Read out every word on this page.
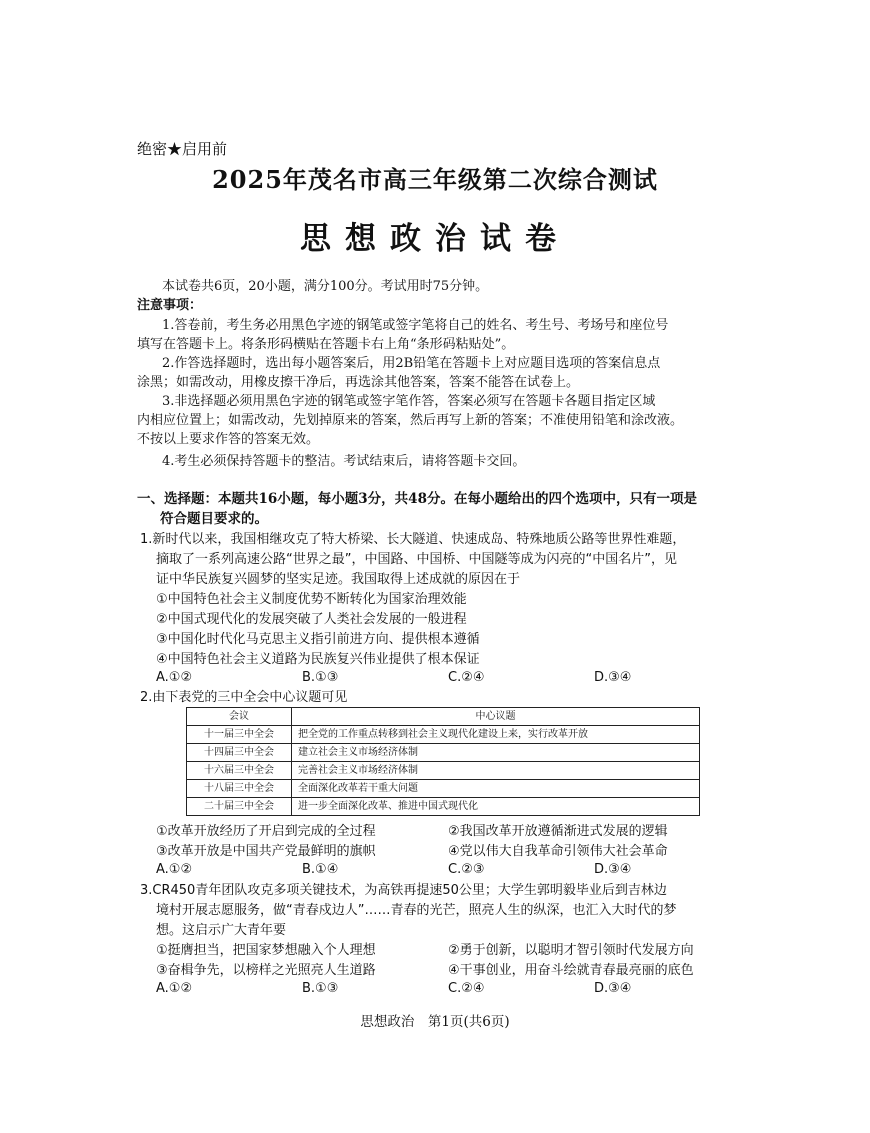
绝密★启用前
2025年茂名市高三年级第二次综合测试
思想政治试卷
本试卷共6页，20小题，满分100分。考试用时75分钟。
注意事项：
1.答卷前，考生务必用黑色字迹的钢笔或签字笔将自己的姓名、考生号、考场号和座位号
填写在答题卡上。将条形码横贴在答题卡右上角“条形码粘贴处”。
2.作答选择题时，选出每小题答案后，用2B铅笔在答题卡上对应题目选项的答案信息点
涂黑；如需改动，用橡皮擦干净后，再选涂其他答案，答案不能答在试卷上。
3.非选择题必须用黑色字迹的钢笔或签字笔作答，答案必须写在答题卡各题目指定区域
内相应位置上；如需改动，先划掉原来的答案，然后再写上新的答案；不准使用铅笔和涂改液。
不按以上要求作答的答案无效。
4.考生必须保持答题卡的整洁。考试结束后，请将答题卡交回。
一、选择题：本题共16小题，每小题3分，共48分。在每小题给出的四个选项中，只有一项是
符合题目要求的。
1.新时代以来，我国相继攻克了特大桥梁、长大隧道、快速成岛、特殊地质公路等世界性难题，
摘取了一系列高速公路“世界之最”，中国路、中国桥、中国隧等成为闪亮的“中国名片”，见
证中华民族复兴圆梦的坚实足迹。我国取得上述成就的原因在于
①中国特色社会主义制度优势不断转化为国家治理效能
②中国式现代化的发展突破了人类社会发展的一般进程
③中国化时代化马克思主义指引前进方向、提供根本遵循
④中国特色社会主义道路为民族复兴伟业提供了根本保证
A.①②	B.①③	C.②④	D.③④
2.由下表党的三中全会中心议题可见
会议	中心议题
十一届三中全会	把全党的工作重点转移到社会主义现代化建设上来，实行改革开放
十四届三中全会	建立社会主义市场经济体制
十六届三中全会	完善社会主义市场经济体制
十八届三中全会	全面深化改革若干重大问题
二十届三中全会	进一步全面深化改革、推进中国式现代化
①改革开放经历了开启到完成的全过程	②我国改革开放遵循渐进式发展的逻辑
③改革开放是中国共产党最鲜明的旗帜	④党以伟大自我革命引领伟大社会革命
A.①②	B.①④	C.②③	D.③④
3.CR450青年团队攻克多项关键技术，为高铁再提速50公里；大学生郭明毅毕业后到吉林边
境村开展志愿服务，做“青春戍边人”……青春的光芒，照亮人生的纵深，也汇入大时代的梦
想。这启示广大青年要
①挺膺担当，把国家梦想融入个人理想	②勇于创新，以聪明才智引领时代发展方向
③奋楫争先，以榜样之光照亮人生道路	④干事创业，用奋斗绘就青春最亮丽的底色
A.①②	B.①③	C.②④	D.③④
思想政治　第1页(共6页)
